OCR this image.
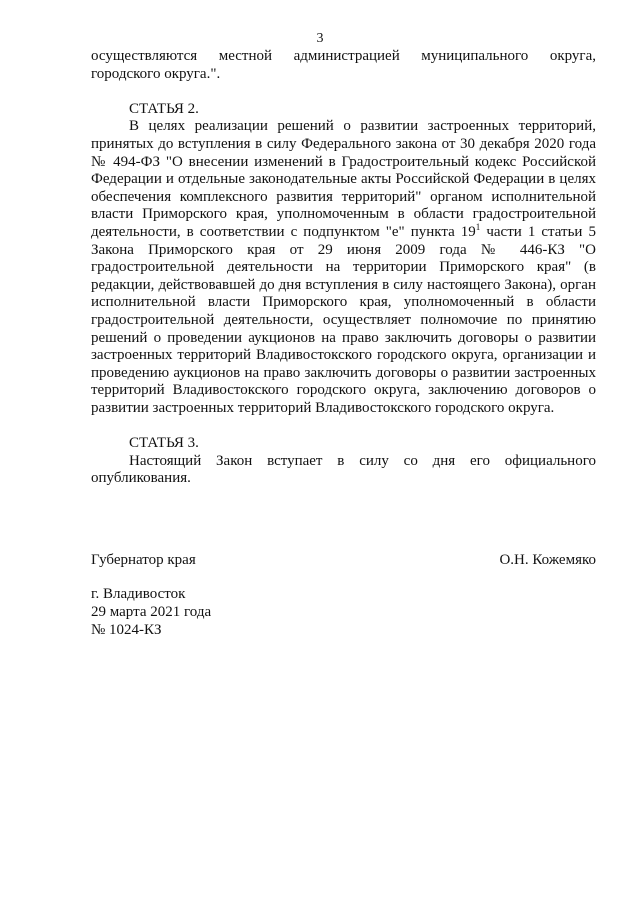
3

осуществляются местной администрацией муниципального округа, городского округа.".

СТАТЬЯ 2.

В целях реализации решений о развитии застроенных территорий, принятых до вступления в силу Федерального закона от 30 декабря 2020 года № 494-ФЗ "О внесении изменений в Градостроительный кодекс Российской Федерации и отдельные законодательные акты Российской Федерации в целях обеспечения комплексного развития территорий" органом исполнительной власти Приморского края, уполномоченным в области градостроительной деятельности, в соответствии с подпунктом "е" пункта $19^1$ части 1 статьи 5 Закона Приморского края от 29 июня 2009 года № 446-КЗ "О градостроительной деятельности на территории Приморского края" (в редакции, действовавшей до дня вступления в силу настоящего Закона), орган исполнительной власти Приморского края, уполномоченный в области градостроительной деятельности, осуществляет полномочие по принятию решений о проведении аукционов на право заключить договоры о развитии застроенных территорий Владивостокского городского округа, организации и проведению аукционов на право заключить договоры о развитии застроенных территорий Владивостокского городского округа, заключению договоров о развитии застроенных территорий Владивостокского городского округа.

СТАТЬЯ 3.

Настоящий Закон вступает в силу со дня его официального опубликования.

Губернатор края	О.Н. Кожемяко
г. Владивосток
29 марта 2021 года
№ 1024-КЗ
